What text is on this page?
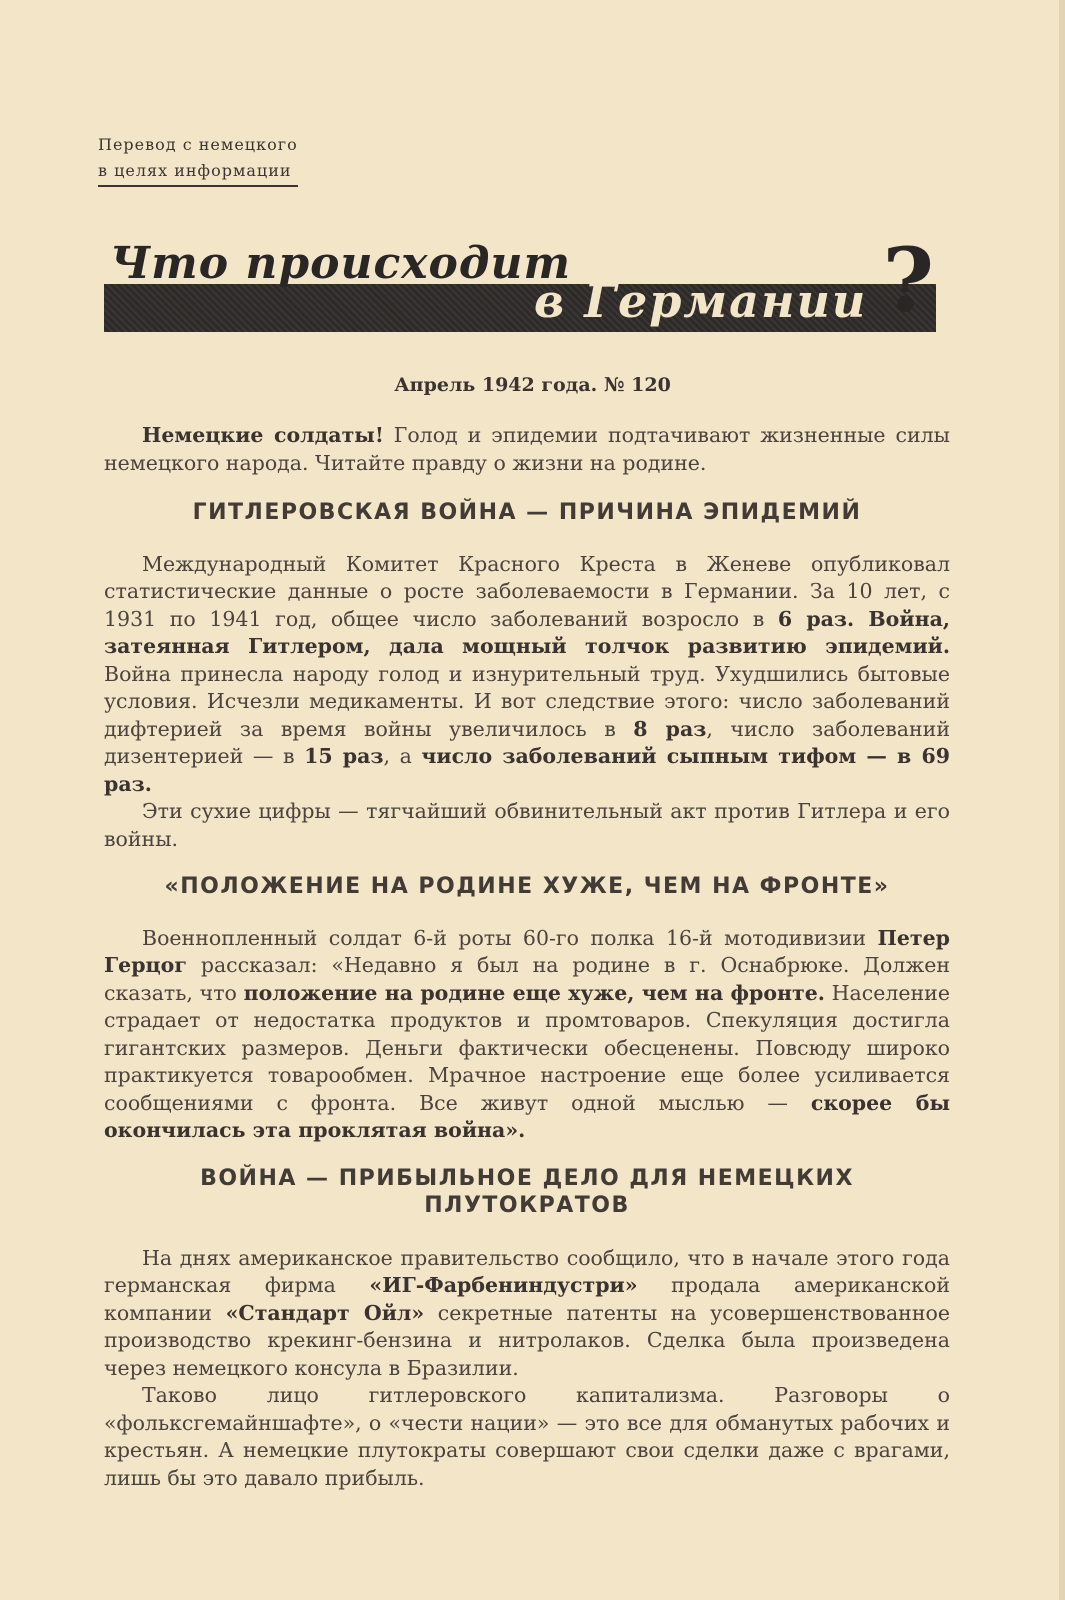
Перевод с немецкого
в целях информации
Что происходит
в Германии ?
Апрель 1942 года. № 120

Немецкие солдаты! Голод и эпидемии подтачивают жизненные силы немецкого народа. Читайте правду о жизни на родине.

ГИТЛЕРОВСКАЯ ВОЙНА — ПРИЧИНА ЭПИДЕМИЙ

Международный Комитет Красного Креста в Женеве опубликовал статистические данные о росте заболеваемости в Германии. За 10 лет, с 1931 по 1941 год, общее число заболеваний возросло в 6 раз. Война, затеянная Гитлером, дала мощный толчок развитию эпидемий. Война принесла народу голод и изнурительный труд. Ухудшились бытовые условия. Исчезли медикаменты. И вот следствие этого: число заболеваний дифтерией за время войны увеличилось в 8 раз, число заболеваний дизентерией — в 15 раз, а число заболеваний сыпным тифом — в 69 раз.

Эти сухие цифры — тягчайший обвинительный акт против Гитлера и его войны.

«ПОЛОЖЕНИЕ НА РОДИНЕ ХУЖЕ, ЧЕМ НА ФРОНТЕ»

Военнопленный солдат 6-й роты 60-го полка 16-й мотодивизии Петер Герцог рассказал: «Недавно я был на родине в г. Оснабрюке. Должен сказать, что положение на родине еще хуже, чем на фронте. Население страдает от недостатка продуктов и промтоваров. Спекуляция достигла гигантских размеров. Деньги фактически обесценены. Повсюду широко практикуется товарообмен. Мрачное настроение еще более усиливается сообщениями с фронта. Все живут одной мыслью — скорее бы окончилась эта проклятая война».

ВОЙНА — ПРИБЫЛЬНОЕ ДЕЛО ДЛЯ НЕМЕЦКИХ
ПЛУТОКРАТОВ

На днях американское правительство сообщило, что в начале этого года германская фирма «ИГ-Фарбениндустри» продала американской компании «Стандарт Ойл» секретные патенты на усовершенствованное производство крекинг-бензина и нитролаков. Сделка была произведена через немецкого консула в Бразилии.

Таково лицо гитлеровского капитализма. Разговоры о «фольксгемайншафте», о «чести нации» — это все для обманутых рабочих и крестьян. А немецкие плутократы совершают свои сделки даже с врагами, лишь бы это давало прибыль.
